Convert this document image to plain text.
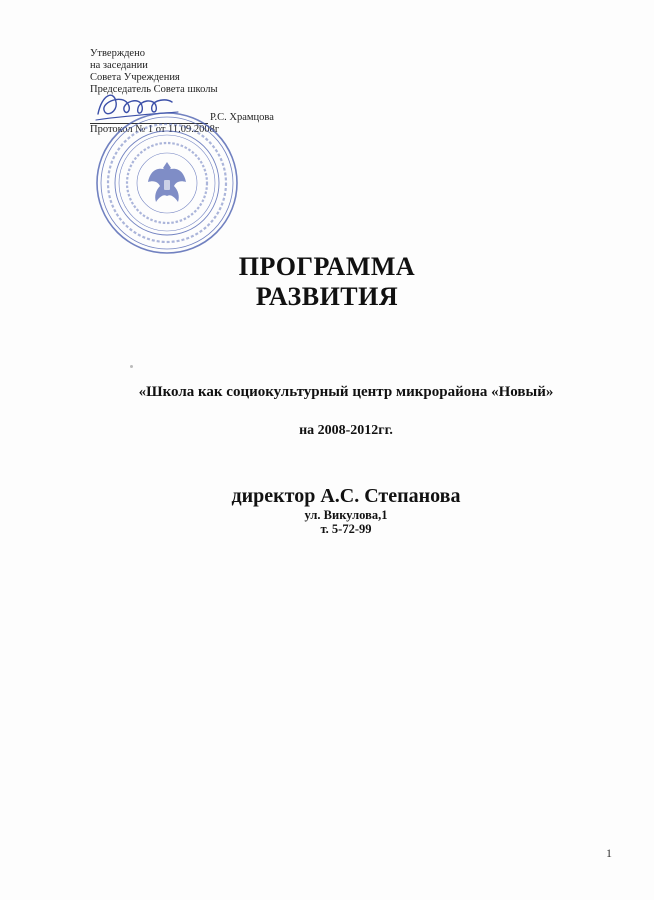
Утверждено
на заседании
Совета Учреждения
Председатель Совета школы
Р.С. Храмцова
Протокол № 1 от 11.09.2008г
ПРОГРАММА
РАЗВИТИЯ
«Школа как социокультурный центр микрорайона «Новый»
на 2008-2012гг.
директор А.С. Степанова
ул. Викулова,1
т. 5-72-99
1
